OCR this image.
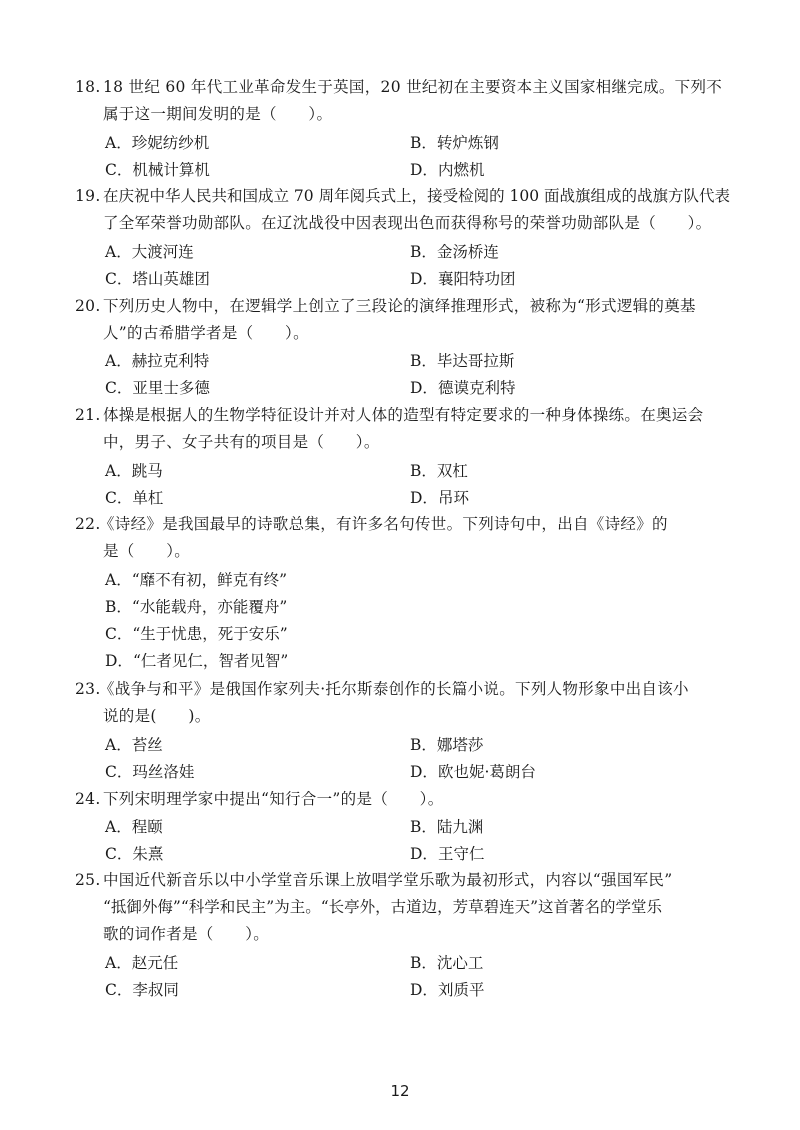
18. 18 世纪 60 年代工业革命发生于英国，20 世纪初在主要资本主义国家相继完成。下列不
属于这一期间发明的是（　　）。
A．珍妮纺纱机	B．转炉炼钢
C．机械计算机	D．内燃机
19. 在庆祝中华人民共和国成立 70 周年阅兵式上，接受检阅的 100 面战旗组成的战旗方队代表
了全军荣誉功勋部队。在辽沈战役中因表现出色而获得称号的荣誉功勋部队是（　　）。
A．大渡河连	B．金汤桥连
C．塔山英雄团	D．襄阳特功团
20. 下列历史人物中，在逻辑学上创立了三段论的演绎推理形式，被称为“形式逻辑的奠基
人”的古希腊学者是（　　）。
A．赫拉克利特	B．毕达哥拉斯
C．亚里士多德	D．德谟克利特
21. 体操是根据人的生物学特征设计并对人体的造型有特定要求的一种身体操练。在奥运会
中，男子、女子共有的项目是（　　）。
A．跳马	B．双杠
C．单杠	D．吊环
22.
《诗经》是我国最早的诗歌总集，有许多名句传世。下列诗句中，出自《诗经》的
是（　　）。
A．“靡不有初，鲜克有终”
B．“水能载舟，亦能覆舟”
C．“生于忧患，死于安乐”
D．“仁者见仁，智者见智”
23.
《战争与和平》是俄国作家列夫·托尔斯泰创作的长篇小说。下列人物形象中出自该小
说的是(　　)。
A．苔丝	B．娜塔莎
C．玛丝洛娃	D．欧也妮·葛朗台
24. 下列宋明理学家中提出“知行合一”的是（　　）。
A．程颐	B．陆九渊
C．朱熹	D．王守仁
25. 中国近代新音乐以中小学堂音乐课上放唱学堂乐歌为最初形式，内容以“强国军民”
“抵御外侮”“科学和民主”为主。“长亭外，古道边，芳草碧连天”这首著名的学堂乐
歌的词作者是（　　）。
A．赵元任	B．沈心工
C．李叔同	D．刘质平
12
